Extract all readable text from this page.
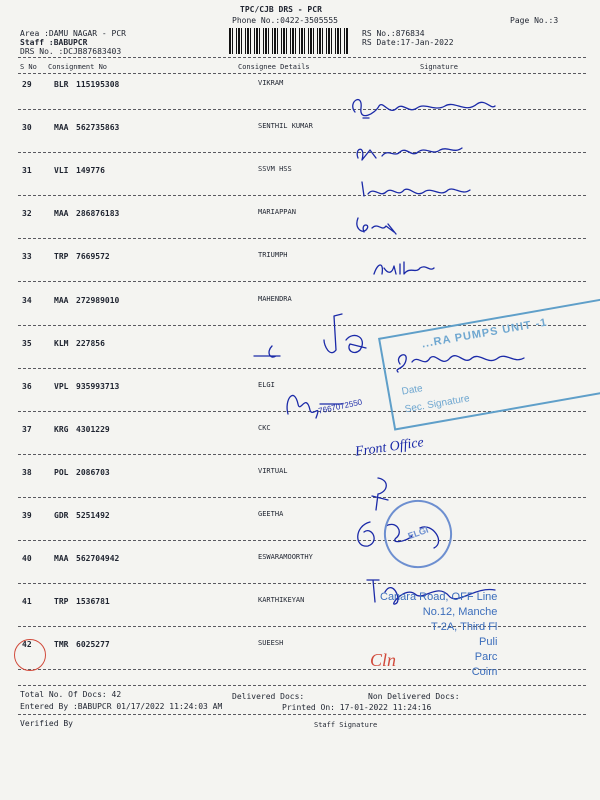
TPC/CJB DRS - PCR
Phone No.:0422-3505555
Area :DAMU NAGAR - PCR
Staff :BABUPCR
DRS No. :DCJB87683403
RS No.:876834
RS Date:17-Jan-2022
Page No.:3
S No Consignment No	Consignee Details	Signature
29	BLR 115195308	VIKRAM
30	MAA 562735863	SENTHIL KUMAR
31	VLI 149776	SSVM HSS
32	MAA 286876183	MARIAPPAN
33	TRP 7669572	TRIUMPH
34	MAA 272989010	MAHENDRA
35	KLM 227856
36	VPL 935993713	ELGI
37	KRG 4301229	CKC
38	POL 2086703	VIRTUAL
39	GDR 5251492	GEETHA
40	MAA 562704942	ESWARAMOORTHY
41	TRP 1536781	KARTHIKEYAN
42	TMR 6025277	SUEESH
7667072550
Front Office
Cln
...RA PUMPS UNIT -1
Date
Sec. Signature
ELGI
Canara Road, OFF Line
No.12, Manche
T-2A, Third Fl
Puli
Parc
Coim
Total No. Of Docs: 42	Delivered Docs:	Non Delivered Docs:
Entered By :BABUPCR 01/17/2022 11:24:03 AM	Printed On: 17-01-2022 11:24:16
Verified By	Staff Signature
